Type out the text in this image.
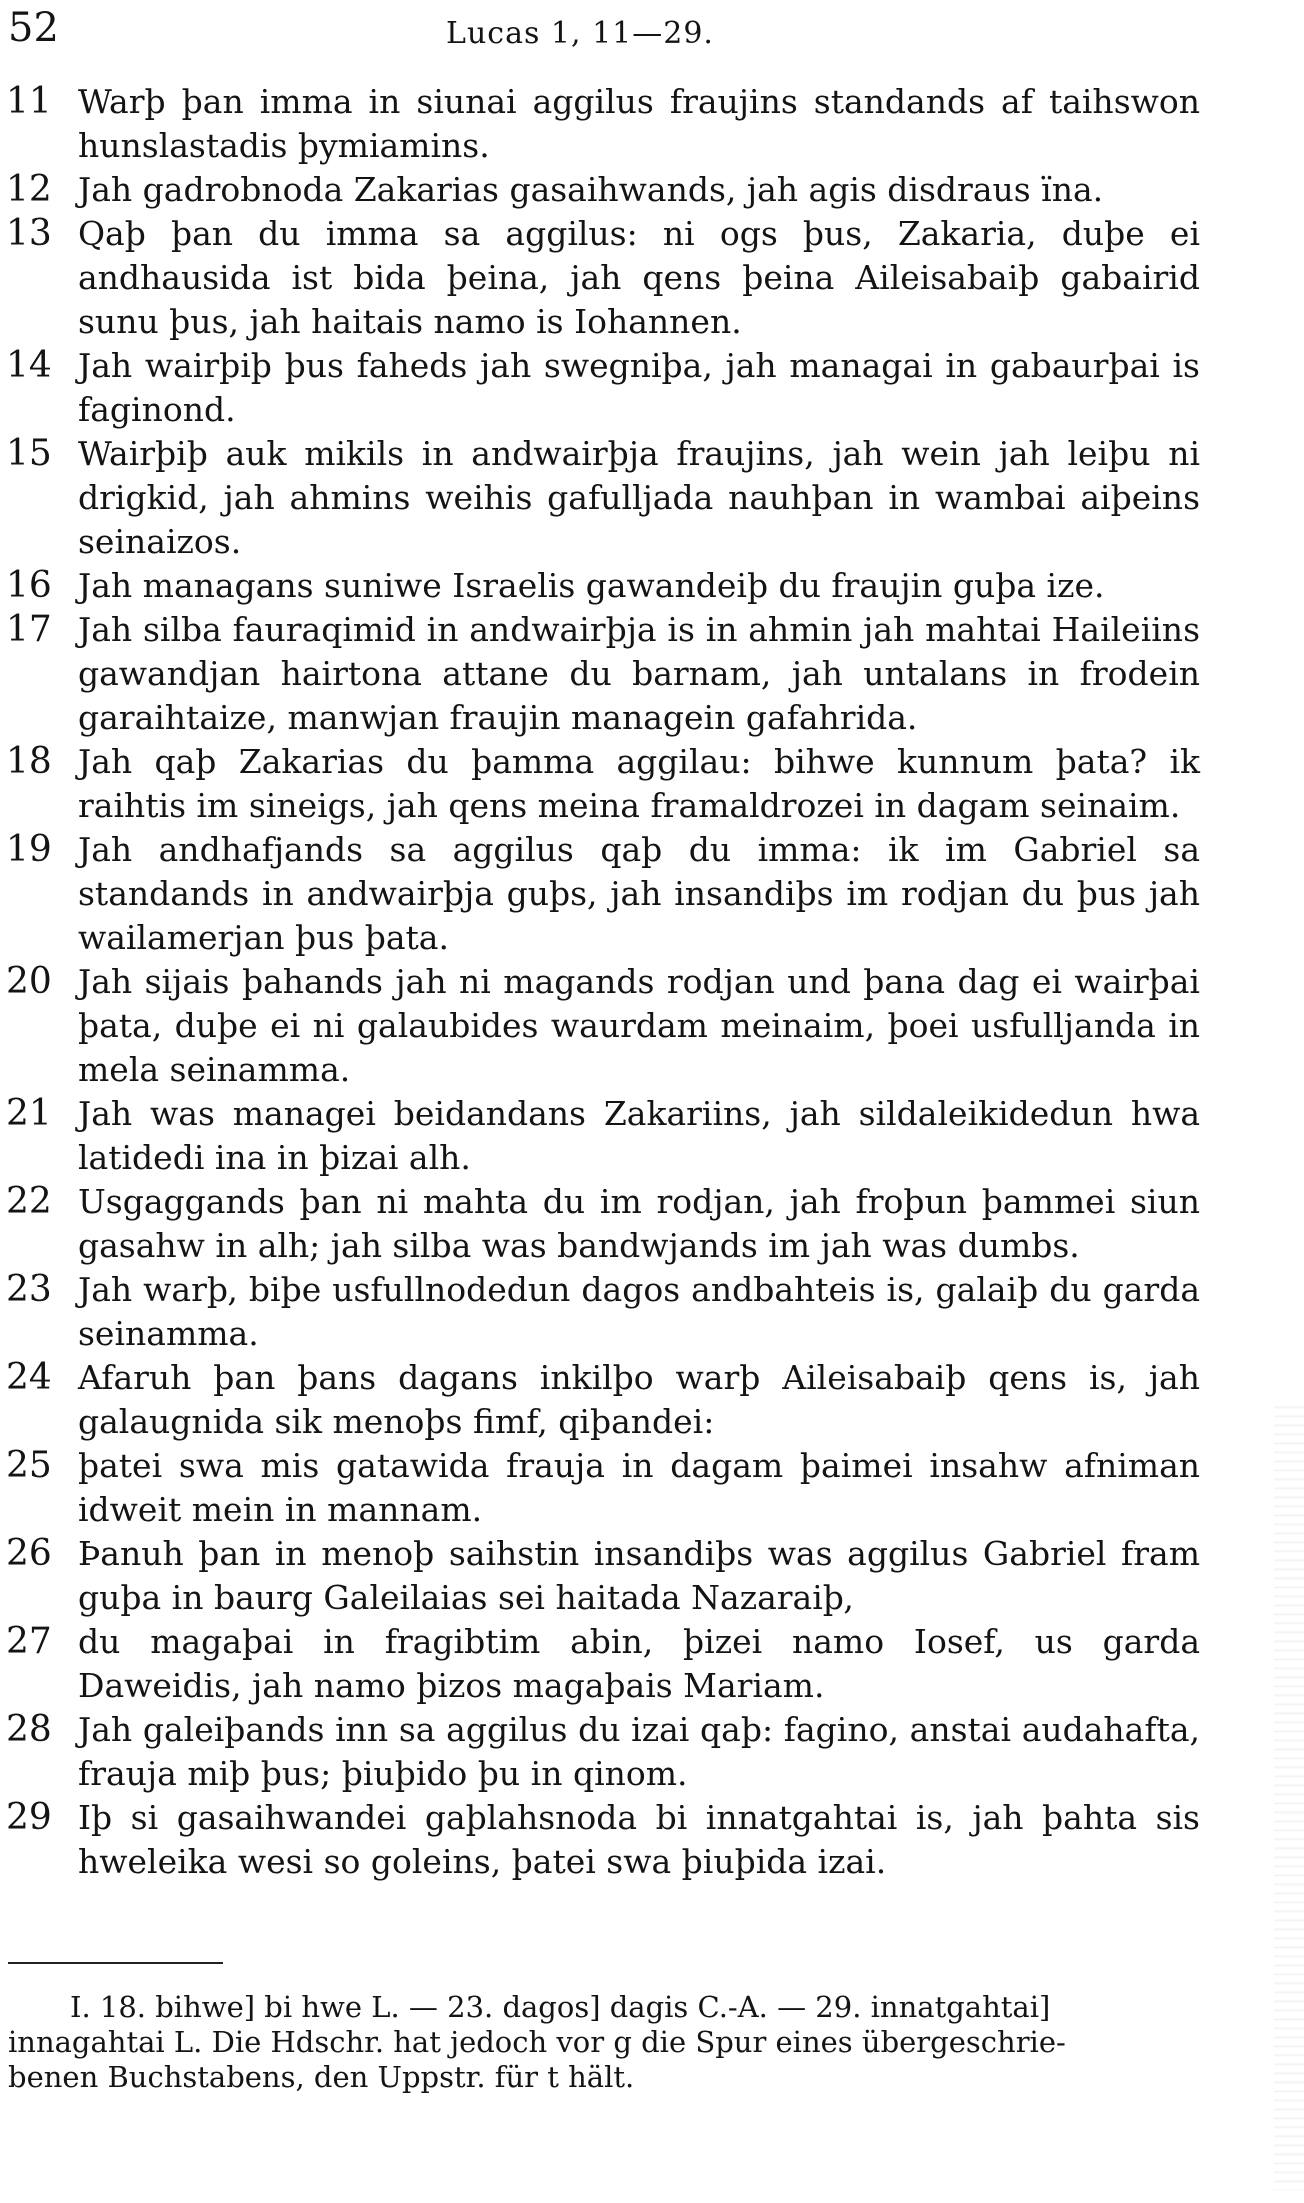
52	Lucas 1, 11—29.
11 Warþ þan imma in siunai aggilus fraujins standands af taihswon hunslastadis þymiamins.
12 Jah gadrobnoda Zakarias gasaihwands, jah agis disdraus ïna.
13 Qaþ þan du imma sa aggilus: ni ogs þus, Zakaria, duþe ei andhausida ist bida þeina, jah qens þeina Aileisabaiþ gabairid sunu þus, jah haitais namo is Iohannen.
14 Jah wairþiþ þus faheds jah swegniþa, jah managai in gabaurþai is faginond.
15 Wairþiþ auk mikils in andwairþja fraujins, jah wein jah leiþu ni drigkid, jah ahmins weihis gafulljada nauhþan in wambai aiþeins seinaizos.
16 Jah managans suniwe Israelis gawandeiþ du fraujin guþa ize.
17 Jah silba fauraqimid in andwairþja is in ahmin jah mahtai Haileiins gawandjan hairtona attane du barnam, jah untalans in frodein garaihtaize, manwjan fraujin managein gafahrida.
18 Jah qaþ Zakarias du þamma aggilau: bihwe kunnum þata? ik raihtis im sineigs, jah qens meina framaldrozei in dagam seinaim.
19 Jah andhafjands sa aggilus qaþ du imma: ik im Gabriel sa standands in andwairþja guþs, jah insandiþs im rodjan du þus jah wailamerjan þus þata.
20 Jah sijais þahands jah ni magands rodjan und þana dag ei wairþai þata, duþe ei ni galaubides waurdam meinaim, þoei usfulljanda in mela seinamma.
21 Jah was managei beidandans Zakariins, jah sildaleikidedun hwa latidedi ina in þizai alh.
22 Usgaggands þan ni mahta du im rodjan, jah froþun þammei siun gasahw in alh; jah silba was bandwjands im jah was dumbs.
23 Jah warþ, biþe usfullnodedun dagos andbahteis is, galaiþ du garda seinamma.
24 Afaruh þan þans dagans inkilþo warþ Aileisabaiþ qens is, jah galaugnida sik menoþs fimf, qiþandei:
25 þatei swa mis gatawida frauja in dagam þaimei insahw afniman idweit mein in mannam.
26 Þanuh þan in menoþ saihstin insandiþs was aggilus Gabriel fram guþa in baurg Galeilaias sei haitada Nazaraiþ,
27 du magaþai in fragibtim abin, þizei namo Iosef, us garda Daweidis, jah namo þizos magaþais Mariam.
28 Jah galeiþands inn sa aggilus du izai qaþ: fagino, anstai audahafta, frauja miþ þus; þiuþido þu in qinom.
29 Iþ si gasaihwandei gaþlahsnoda bi innatgahtai is, jah þahta sis hweleika wesi so goleins, þatei swa þiuþida izai.
I. 18. bihwe] bi hwe L. — 23. dagos] dagis C.-A. — 29. innatgahtai]
innagahtai L. Die Hdschr. hat jedoch vor g die Spur eines übergeschrie-
benen Buchstabens, den Uppstr. für t hält.
